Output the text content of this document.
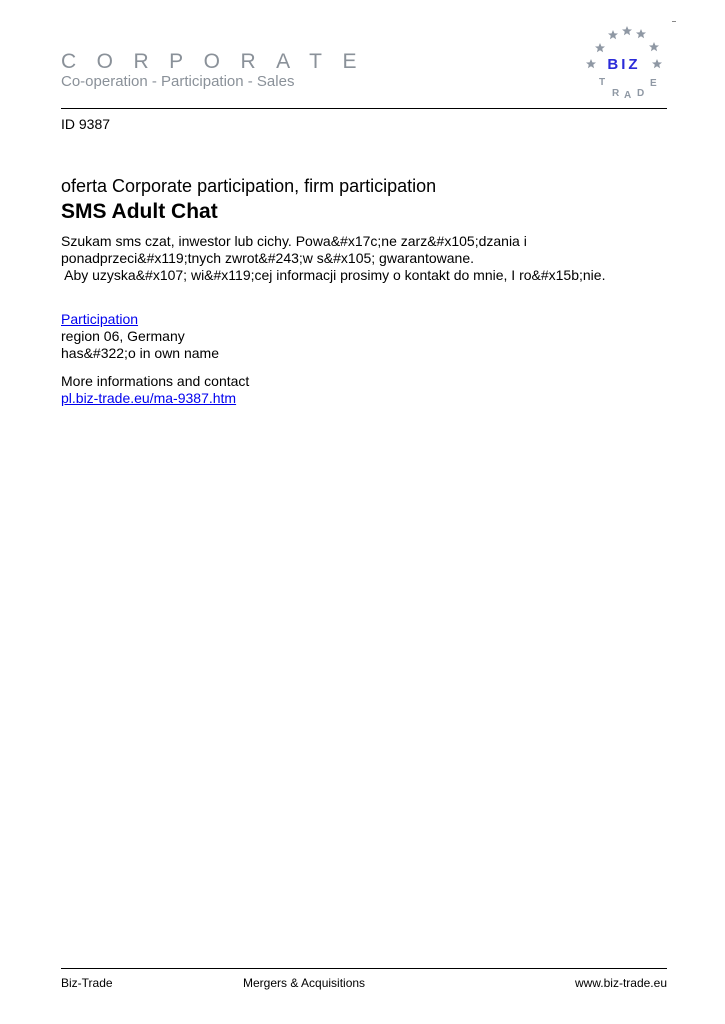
CORPORATE
Co-operation - Participation - Sales
BIZ
T
R A D
E
ID 9387
oferta Corporate participation, firm participation
SMS Adult Chat
Szukam sms czat, inwestor lub cichy. Powa&#x17c;ne zarz&#x105;dzania i
ponadprzeci&#x119;tnych zwrot&#243;w s&#x105; gwarantowane.
Aby uzyska&#x107; wi&#x119;cej informacji prosimy o kontakt do mnie, I ro&#x15b;nie.
Participation
region 06, Germany
has&#322;o in own name
More informations and contact
pl.biz-trade.eu/ma-9387.htm
Biz-Trade	Mergers & Acquisitions	www.biz-trade.eu
